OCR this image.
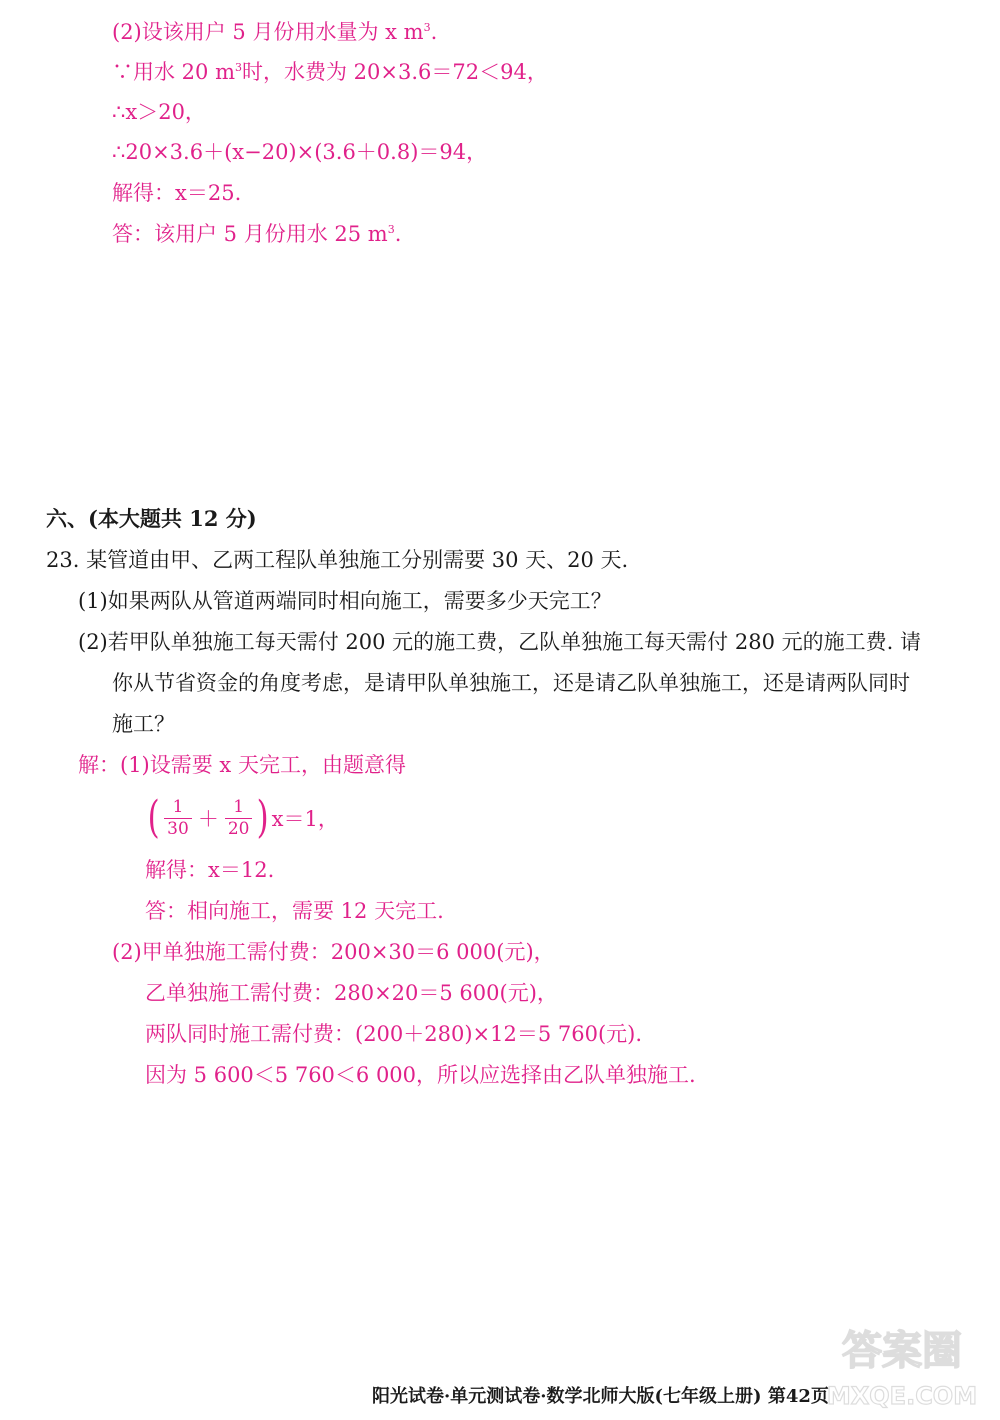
(2)设该用户 5 月份用水量为 x $m^3$.
∵用水 20 $m^3$时，水费为 20×3.6＝72＜94，
∴x＞20，
∴20×3.6＋(x−20)×(3.6＋0.8)＝94，
解得：x＝25.
答：该用户 5 月份用水 25 $m^3$.
六、(本大题共 12 分)
23. 某管道由甲、乙两工程队单独施工分别需要 30 天、20 天.
(1)如果两队从管道两端同时相向施工，需要多少天完工？
(2)若甲队单独施工每天需付 200 元的施工费，乙队单独施工每天需付 280 元的施工费. 请
你从节省资金的角度考虑，是请甲队单独施工，还是请乙队单独施工，还是请两队同时
施工？
解：(1)设需要 x 天完工，由题意得
( $\frac{1}{30} + \frac{1}{20}$ ) x＝1，
解得：x＝12.
答：相向施工，需要 12 天完工.
(2)甲单独施工需付费：200×30＝6 000(元)，
乙单独施工需付费：280×20＝5 600(元)，
两队同时施工需付费：(200＋280)×12＝5 760(元).
因为 5 600＜5 760＜6 000，所以应选择由乙队单独施工.
阳光试卷·单元测试卷·数学北师大版(七年级上册) 第42页
答案圈
MXQE.COM
